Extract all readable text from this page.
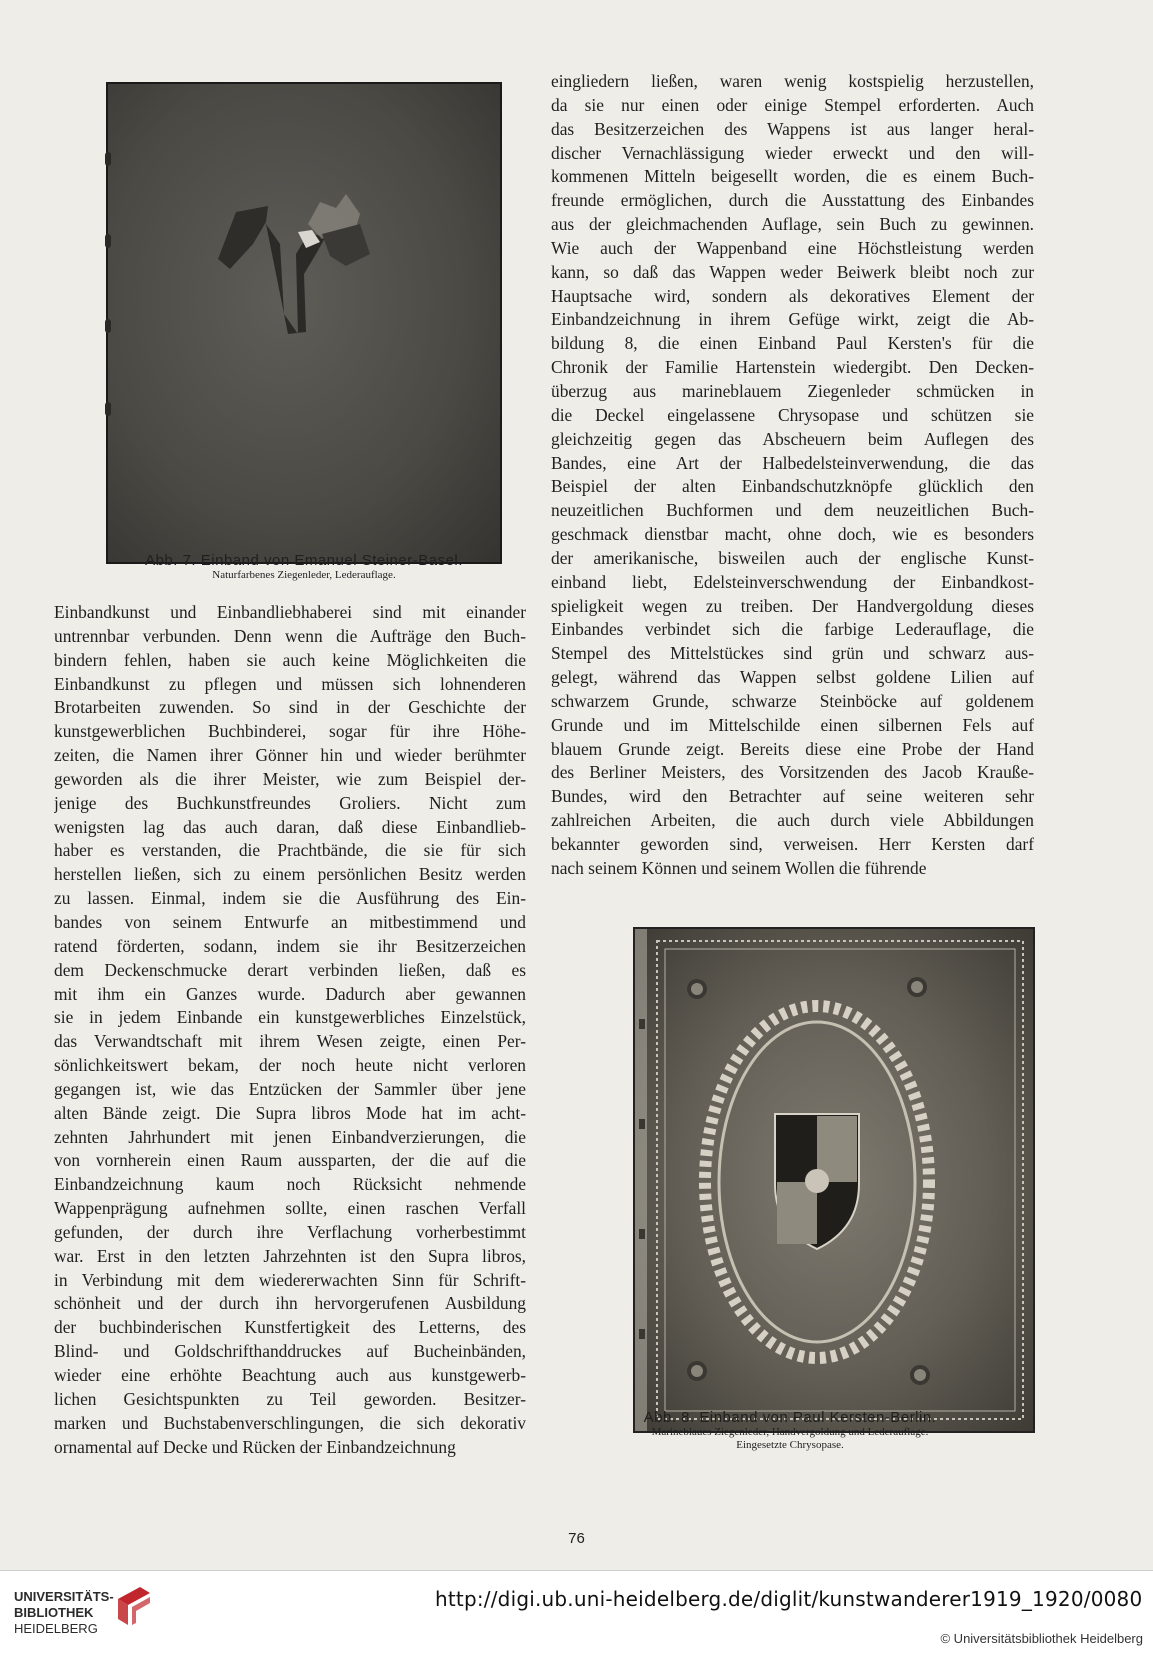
Abb. 7. Einband von Emanuel Steiner-Basel.
Naturfarbenes Ziegenleder, Lederauflage.
Einbandkunst und Einbandliebhaberei sind mit einander
untrennbar verbunden. Denn wenn die Aufträge den Buch-
bindern fehlen, haben sie auch keine Möglichkeiten die
Einbandkunst zu pflegen und müssen sich lohnenderen
Brotarbeiten zuwenden. So sind in der Geschichte der
kunstgewerblichen Buchbinderei, sogar für ihre Höhe-
zeiten, die Namen ihrer Gönner hin und wieder berühmter
geworden als die ihrer Meister, wie zum Beispiel der-
jenige des Buchkunstfreundes Groliers. Nicht zum
wenigsten lag das auch daran, daß diese Einbandlieb-
haber es verstanden, die Prachtbände, die sie für sich
herstellen ließen, sich zu einem persönlichen Besitz werden
zu lassen. Einmal, indem sie die Ausführung des Ein-
bandes von seinem Entwurfe an mitbestimmend und
ratend förderten, sodann, indem sie ihr Besitzerzeichen
dem Deckenschmucke derart verbinden ließen, daß es
mit ihm ein Ganzes wurde. Dadurch aber gewannen
sie in jedem Einbande ein kunstgewerbliches Einzelstück,
das Verwandtschaft mit ihrem Wesen zeigte, einen Per-
sönlichkeitswert bekam, der noch heute nicht verloren
gegangen ist, wie das Entzücken der Sammler über jene
alten Bände zeigt. Die Supra libros Mode hat im acht-
zehnten Jahrhundert mit jenen Einbandverzierungen, die
von vornherein einen Raum aussparten, der die auf die
Einbandzeichnung kaum noch Rücksicht nehmende
Wappenprägung aufnehmen sollte, einen raschen Verfall
gefunden, der durch ihre Verflachung vorherbestimmt
war. Erst in den letzten Jahrzehnten ist den Supra libros,
in Verbindung mit dem wiedererwachten Sinn für Schrift-
schönheit und der durch ihn hervorgerufenen Ausbildung
der buchbinderischen Kunstfertigkeit des Letterns, des
Blind- und Goldschrifthanddruckes auf Bucheinbänden,
wieder eine erhöhte Beachtung auch aus kunstgewerb-
lichen Gesichtspunkten zu Teil geworden. Besitzer-
marken und Buchstabenverschlingungen, die sich dekorativ
ornamental auf Decke und Rücken der Einbandzeichnung
eingliedern ließen, waren wenig kostspielig herzustellen,
da sie nur einen oder einige Stempel erforderten. Auch
das Besitzerzeichen des Wappens ist aus langer heral-
discher Vernachlässigung wieder erweckt und den will-
kommenen Mitteln beigesellt worden, die es einem Buch-
freunde ermöglichen, durch die Ausstattung des Einbandes
aus der gleichmachenden Auflage, sein Buch zu gewinnen.
Wie auch der Wappenband eine Höchstleistung werden
kann, so daß das Wappen weder Beiwerk bleibt noch zur
Hauptsache wird, sondern als dekoratives Element der
Einbandzeichnung in ihrem Gefüge wirkt, zeigt die Ab-
bildung 8, die einen Einband Paul Kersten's für die
Chronik der Familie Hartenstein wiedergibt. Den Decken-
überzug aus marineblauem Ziegenleder schmücken in
die Deckel eingelassene Chrysopase und schützen sie
gleichzeitig gegen das Abscheuern beim Auflegen des
Bandes, eine Art der Halbedelsteinverwendung, die das
Beispiel der alten Einbandschutzknöpfe glücklich den
neuzeitlichen Buchformen und dem neuzeitlichen Buch-
geschmack dienstbar macht, ohne doch, wie es besonders
der amerikanische, bisweilen auch der englische Kunst-
einband liebt, Edelsteinverschwendung der Einbandkost-
spieligkeit wegen zu treiben. Der Handvergoldung dieses
Einbandes verbindet sich die farbige Lederauflage, die
Stempel des Mittelstückes sind grün und schwarz aus-
gelegt, während das Wappen selbst goldene Lilien auf
schwarzem Grunde, schwarze Steinböcke auf goldenem
Grunde und im Mittelschilde einen silbernen Fels auf
blauem Grunde zeigt. Bereits diese eine Probe der Hand
des Berliner Meisters, des Vorsitzenden des Jacob Krauße-
Bundes, wird den Betrachter auf seine weiteren sehr
zahlreichen Arbeiten, die auch durch viele Abbildungen
bekannter geworden sind, verweisen. Herr Kersten darf
nach seinem Können und seinem Wollen die führende
Abb. 8. Einband von Paul Kersten-Berlin.
Marineblaues Ziegenleder, Handvergoldung und Lederauflage.
Eingesetzte Chrysopase.
76
UNIVERSITÄTS-
BIBLIOTHEK
HEIDELBERG
http://digi.ub.uni-heidelberg.de/diglit/kunstwanderer1919_1920/0080
© Universitätsbibliothek Heidelberg
